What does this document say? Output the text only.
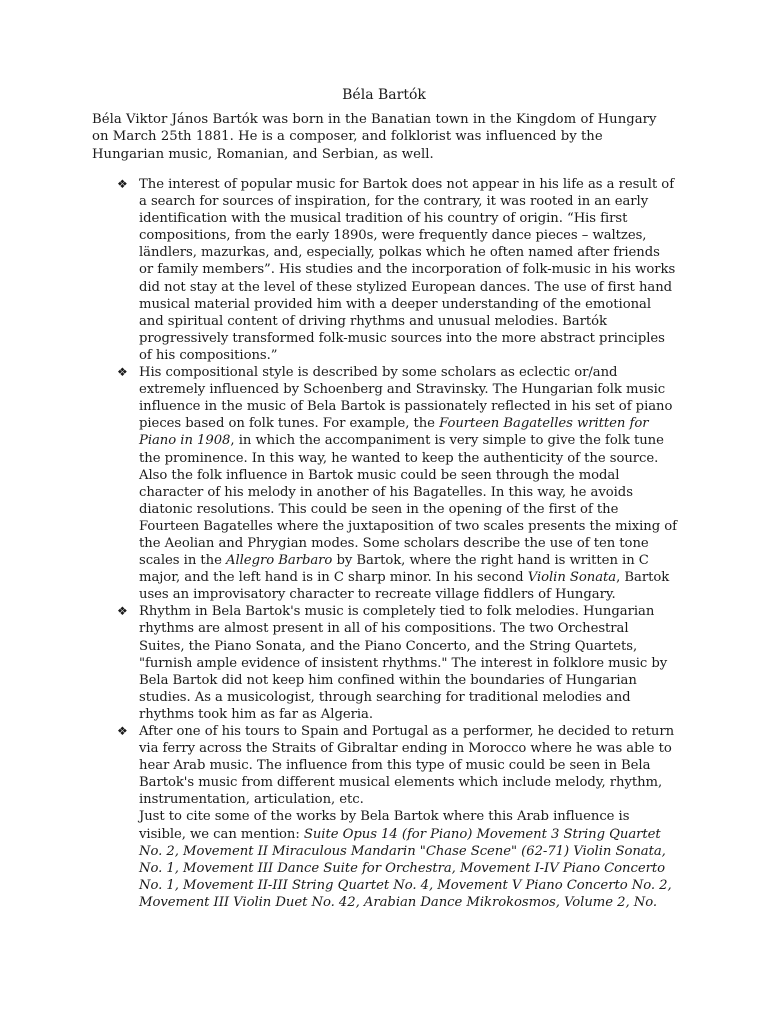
Béla Bartók
Béla Viktor János Bartók was born in the Banatian town in the Kingdom of Hungary on March 25th 1881. He is a composer, and folklorist was influenced by the Hungarian music, Romanian, and Serbian, as well.
❖ The interest of popular music for Bartok does not appear in his life as a result of a search for sources of inspiration, for the contrary, it was rooted in an early identification with the musical tradition of his country of origin. “His first compositions, from the early 1890s, were frequently dance pieces – waltzes, ländlers, mazurkas, and, especially, polkas which he often named after friends or family members”. His studies and the incorporation of folk-music in his works did not stay at the level of these stylized European dances. The use of first hand musical material provided him with a deeper understanding of the emotional and spiritual content of driving rhythms and unusual melodies. Bartók progressively transformed folk-music sources into the more abstract principles of his compositions.”
❖ His compositional style is described by some scholars as eclectic or/and extremely influenced by Schoenberg and Stravinsky. The Hungarian folk music influence in the music of Bela Bartok is passionately reflected in his set of piano pieces based on folk tunes. For example, the Fourteen Bagatelles written for Piano in 1908, in which the accompaniment is very simple to give the folk tune the prominence. In this way, he wanted to keep the authenticity of the source. Also the folk influence in Bartok music could be seen through the modal character of his melody in another of his Bagatelles. In this way, he avoids diatonic resolutions. This could be seen in the opening of the first of the Fourteen Bagatelles where the juxtaposition of two scales presents the mixing of the Aeolian and Phrygian modes. Some scholars describe the use of ten tone scales in the Allegro Barbaro by Bartok, where the right hand is written in C major, and the left hand is in C sharp minor. In his second Violin Sonata, Bartok uses an improvisatory character to recreate village fiddlers of Hungary.
❖ Rhythm in Bela Bartok's music is completely tied to folk melodies. Hungarian rhythms are almost present in all of his compositions. The two Orchestral Suites, the Piano Sonata, and the Piano Concerto, and the String Quartets, "furnish ample evidence of insistent rhythms." The interest in folklore music by Bela Bartok did not keep him confined within the boundaries of Hungarian studies. As a musicologist, through searching for traditional melodies and rhythms took him as far as Algeria.
❖ After one of his tours to Spain and Portugal as a performer, he decided to return via ferry across the Straits of Gibraltar ending in Morocco where he was able to hear Arab music. The influence from this type of music could be seen in Bela Bartok's music from different musical elements which include melody, rhythm, instrumentation, articulation, etc.
Just to cite some of the works by Bela Bartok where this Arab influence is visible, we can mention: Suite Opus 14 (for Piano) Movement 3 String Quartet No. 2, Movement II Miraculous Mandarin "Chase Scene" (62-71) Violin Sonata, No. 1, Movement III Dance Suite for Orchestra, Movement I-IV Piano Concerto No. 1, Movement II-III String Quartet No. 4, Movement V Piano Concerto No. 2, Movement III Violin Duet No. 42, Arabian Dance Mikrokosmos, Volume 2, No.
